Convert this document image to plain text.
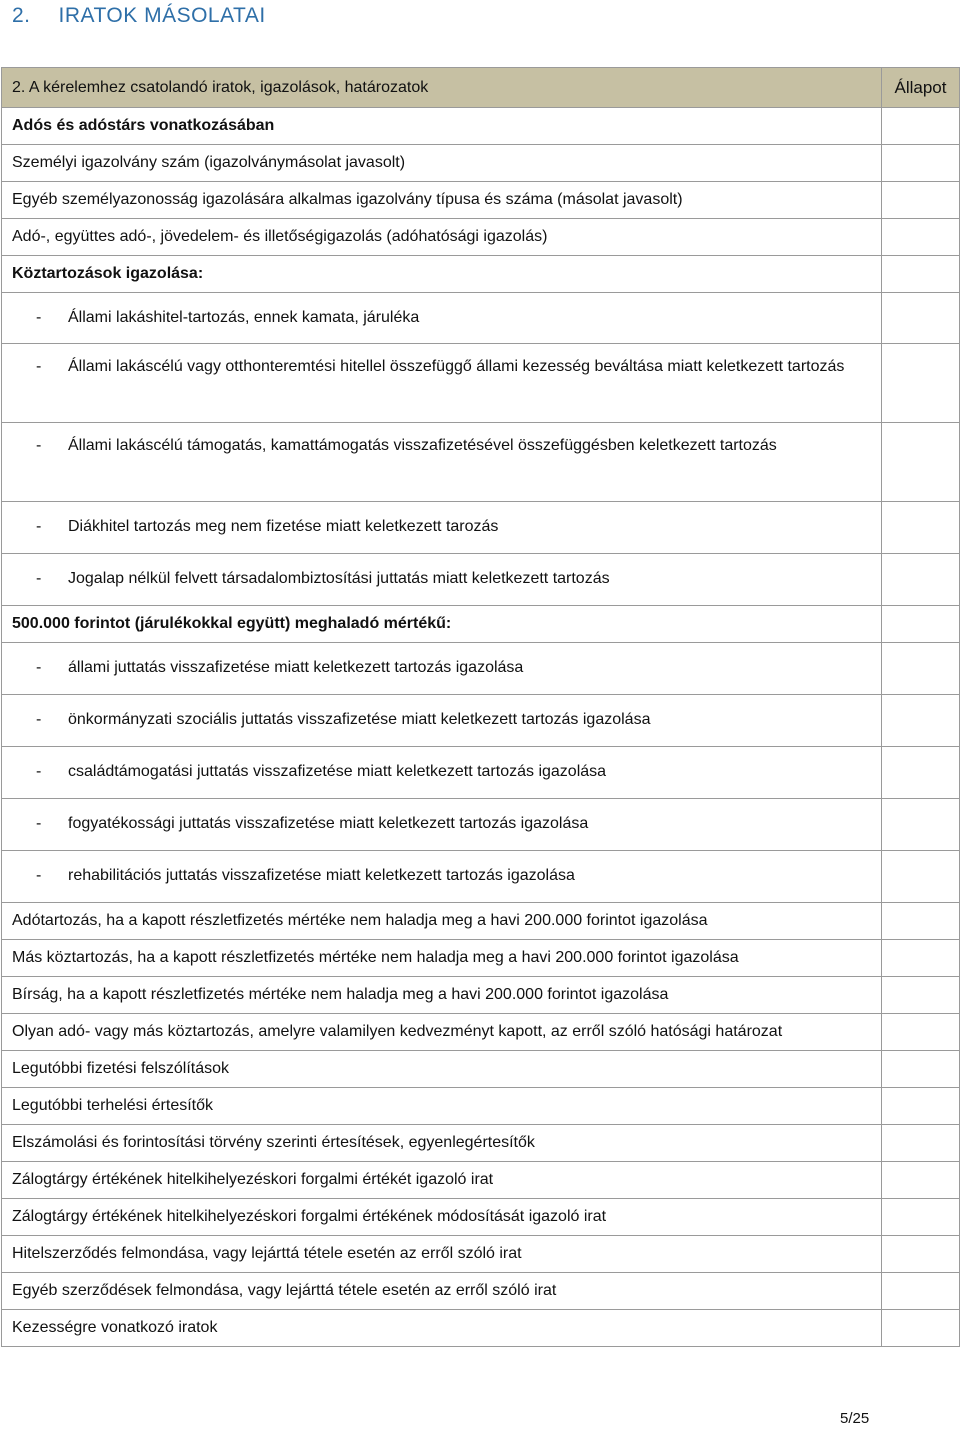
2. IRATOK MÁSOLATAI
2. A kérelemhez csatolandó iratok, igazolások, határozatok	Állapot
Adós és adóstárs vonatkozásában	
Személyi igazolvány szám (igazolványmásolat javasolt)	
Egyéb személyazonosság igazolására alkalmas igazolvány típusa és száma (másolat javasolt)	
Adó-, együttes adó-, jövedelem- és illetőségigazolás (adóhatósági igazolás)	
Köztartozások igazolása:	

- Állami lakáshitel-tartozás, ennek kamata, járuléka	

- Állami lakáscélú vagy otthonteremtési hitellel összefüggő állami kezesség beváltása miatt keletkezett tartozás	

- Állami lakáscélú támogatás, kamattámogatás visszafizetésével összefüggésben keletkezett tartozás	

- Diákhitel tartozás meg nem fizetése miatt keletkezett tarozás	

- Jogalap nélkül felvett társadalombiztosítási juttatás miatt keletkezett tartozás	

500.000 forintot (járulékokkal együtt) meghaladó mértékű:	

- állami juttatás visszafizetése miatt keletkezett tartozás igazolása	

- önkormányzati szociális juttatás visszafizetése miatt keletkezett tartozás igazolása	

- családtámogatási juttatás visszafizetése miatt keletkezett tartozás igazolása	

- fogyatékossági juttatás visszafizetése miatt keletkezett tartozás igazolása	

- rehabilitációs juttatás visszafizetése miatt keletkezett tartozás igazolása	

Adótartozás, ha a kapott részletfizetés mértéke nem haladja meg a havi 200.000 forintot igazolása	
Más köztartozás, ha a kapott részletfizetés mértéke nem haladja meg a havi 200.000 forintot igazolása	
Bírság, ha a kapott részletfizetés mértéke nem haladja meg a havi 200.000 forintot igazolása	
Olyan adó- vagy más köztartozás, amelyre valamilyen kedvezményt kapott, az erről szóló hatósági határozat	
Legutóbbi fizetési felszólítások	
Legutóbbi terhelési értesítők	
Elszámolási és forintosítási törvény szerinti értesítések, egyenlegértesítők	
Zálogtárgy értékének hitelkihelyezéskori forgalmi értékét igazoló irat	
Zálogtárgy értékének hitelkihelyezéskori forgalmi értékének módosítását igazoló irat	
Hitelszerződés felmondása, vagy lejárttá tétele esetén az erről szóló irat	
Egyéb szerződések felmondása, vagy lejárttá tétele esetén az erről szóló irat	
Kezességre vonatkozó iratok	
5/25
